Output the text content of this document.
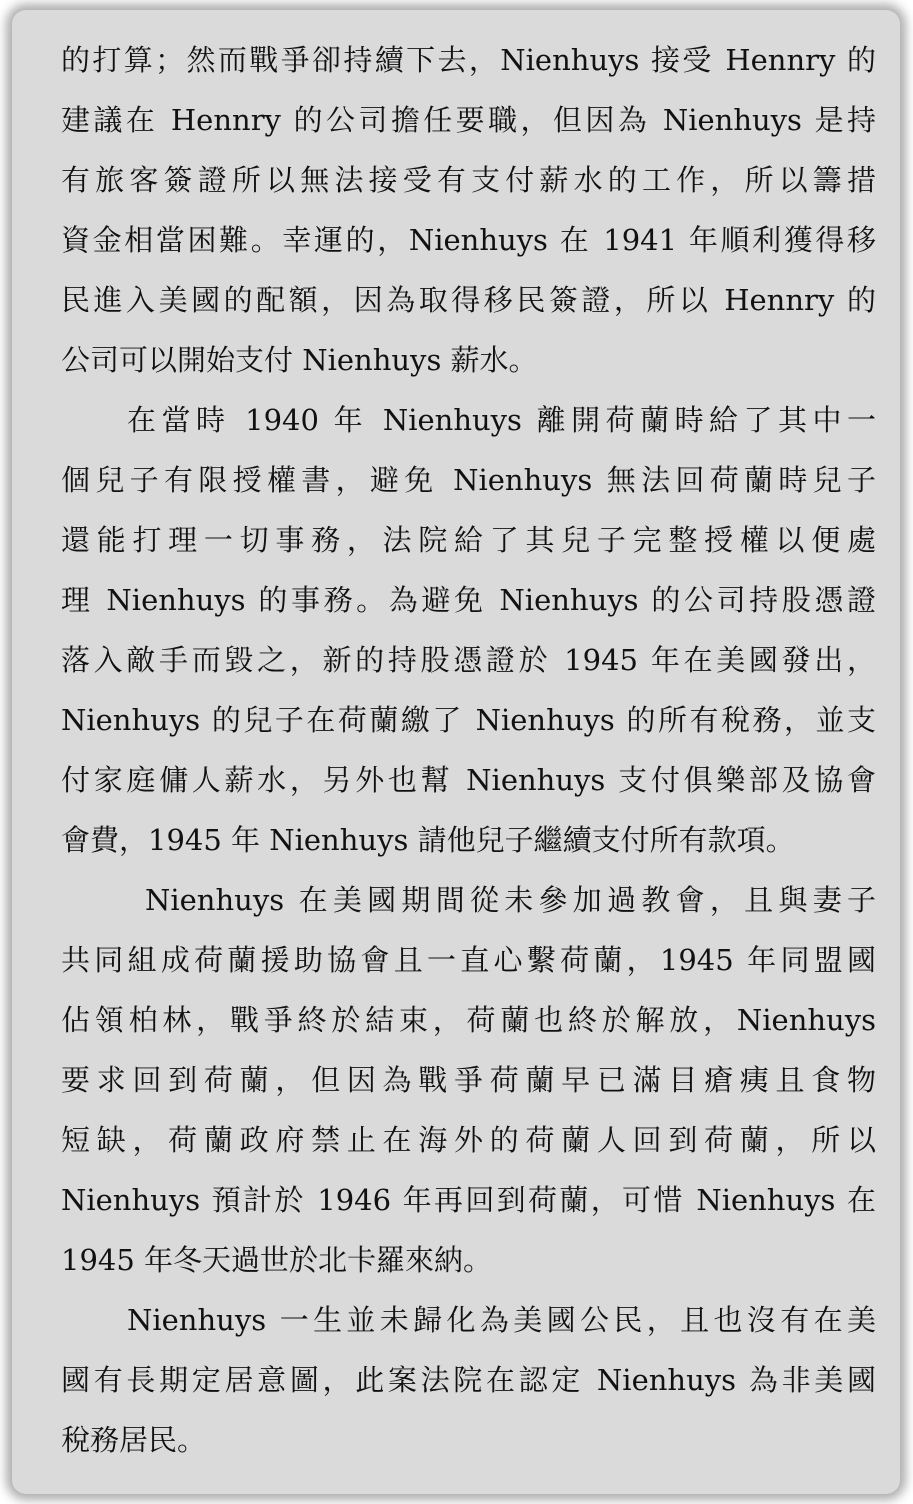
的打算；然而戰爭卻持續下去，Nienhuys 接受 Hennry 的
建議在 Hennry 的公司擔任要職，但因為 Nienhuys 是持
有旅客簽證所以無法接受有支付薪水的工作，所以籌措
資金相當困難。幸運的，Nienhuys 在 1941 年順利獲得移
民進入美國的配額，因為取得移民簽證，所以 Hennry 的
公司可以開始支付 Nienhuys 薪水。
在當時 1940 年 Nienhuys 離開荷蘭時給了其中一
個兒子有限授權書，避免 Nienhuys 無法回荷蘭時兒子
還能打理一切事務，法院給了其兒子完整授權以便處
理 Nienhuys 的事務。為避免 Nienhuys 的公司持股憑證
落入敵手而毀之，新的持股憑證於 1945 年在美國發出，
Nienhuys 的兒子在荷蘭繳了 Nienhuys 的所有稅務，並支
付家庭傭人薪水，另外也幫 Nienhuys 支付俱樂部及協會
會費，1945 年 Nienhuys 請他兒子繼續支付所有款項。
Nienhuys 在美國期間從未參加過教會，且與妻子
共同組成荷蘭援助協會且一直心繫荷蘭，1945 年同盟國
佔領柏林，戰爭終於結束，荷蘭也終於解放，Nienhuys
要求回到荷蘭，但因為戰爭荷蘭早已滿目瘡痍且食物
短缺，荷蘭政府禁止在海外的荷蘭人回到荷蘭，所以
Nienhuys 預計於 1946 年再回到荷蘭，可惜 Nienhuys 在
1945 年冬天過世於北卡羅來納。
Nienhuys 一生並未歸化為美國公民，且也沒有在美
國有長期定居意圖，此案法院在認定 Nienhuys 為非美國
稅務居民。
